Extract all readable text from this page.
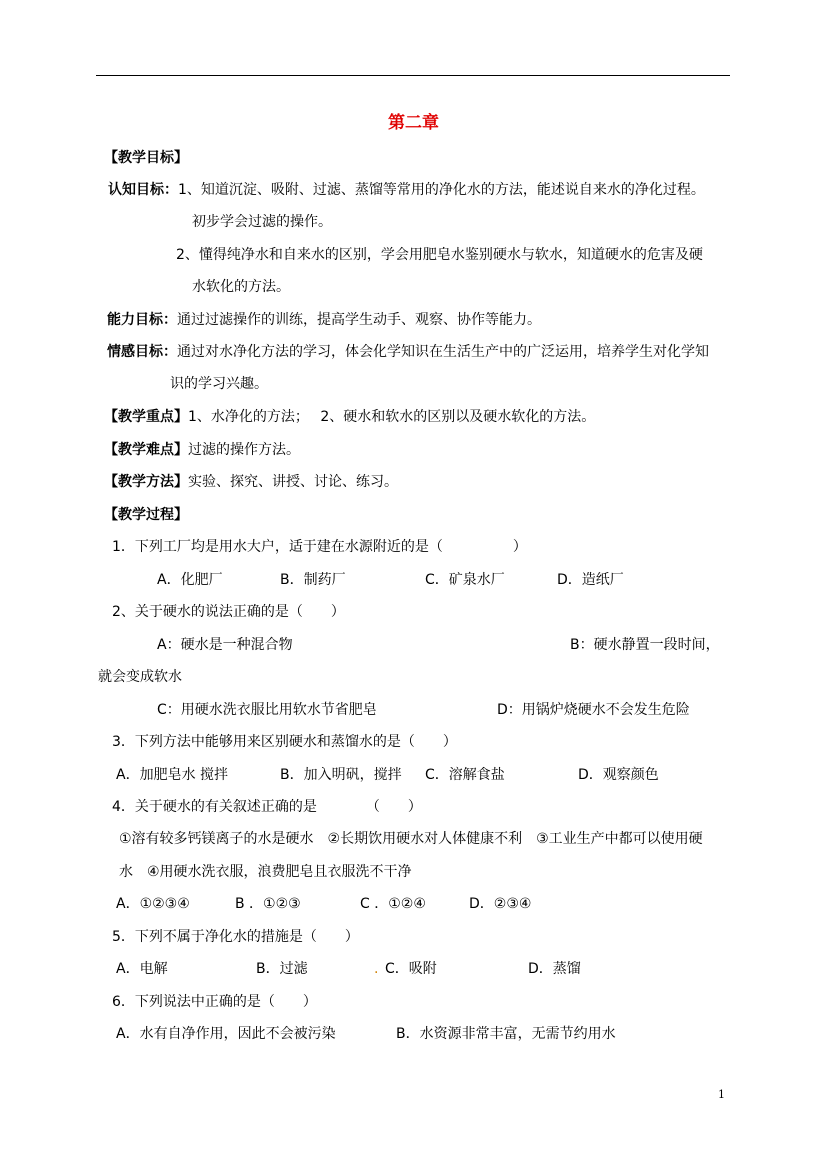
第二章
【教学目标】
认知目标：1、知道沉淀、吸附、过滤、蒸馏等常用的净化水的方法，能述说自来水的净化过程。
初步学会过滤的操作。
2、懂得纯净水和自来水的区别，学会用肥皂水鉴别硬水与软水，知道硬水的危害及硬
水软化的方法。
能力目标：通过过滤操作的训练，提高学生动手、观察、协作等能力。
情感目标：通过对水净化方法的学习，体会化学知识在生活生产中的广泛运用，培养学生对化学知
识的学习兴趣。
【教学重点】1、水净化的方法；　 2、硬水和软水的区别以及硬水软化的方法。
【教学难点】过滤的操作方法。
【教学方法】实验、探究、讲授、讨论、练习。
【教学过程】
1．下列工厂均是用水大户，适于建在水源附近的是（　　　　　）
A．化肥厂	B．制药厂	C．矿泉水厂	D．造纸厂
2、关于硬水的说法正确的是（　　）
A：硬水是一种混合物	B：硬水静置一段时间，
就会变成软水
C：用硬水洗衣服比用软水节省肥皂	D：用锅炉烧硬水不会发生危险
3．下列方法中能够用来区别硬水和蒸馏水的是（　　）
A．加肥皂水 搅拌	B．加入明矾，搅拌 C．溶解食盐	D．观察颜色
4．关于硬水的有关叙述正确的是　　　　（　　）
①溶有较多钙镁离子的水是硬水　②长期饮用硬水对人体健康不利　③工业生产中都可以使用硬
水　④用硬水洗衣服，浪费肥皂且衣服洗不干净
A．①②③④	B ．①②③	C ．①②④	D．②③④
5．下列不属于净化水的措施是（　　）
A．电解	B．过滤	. C．吸附	D．蒸馏
6．下列说法中正确的是（　　）
A．水有自净作用，因此不会被污染	B．水资源非常丰富，无需节约用水
1
